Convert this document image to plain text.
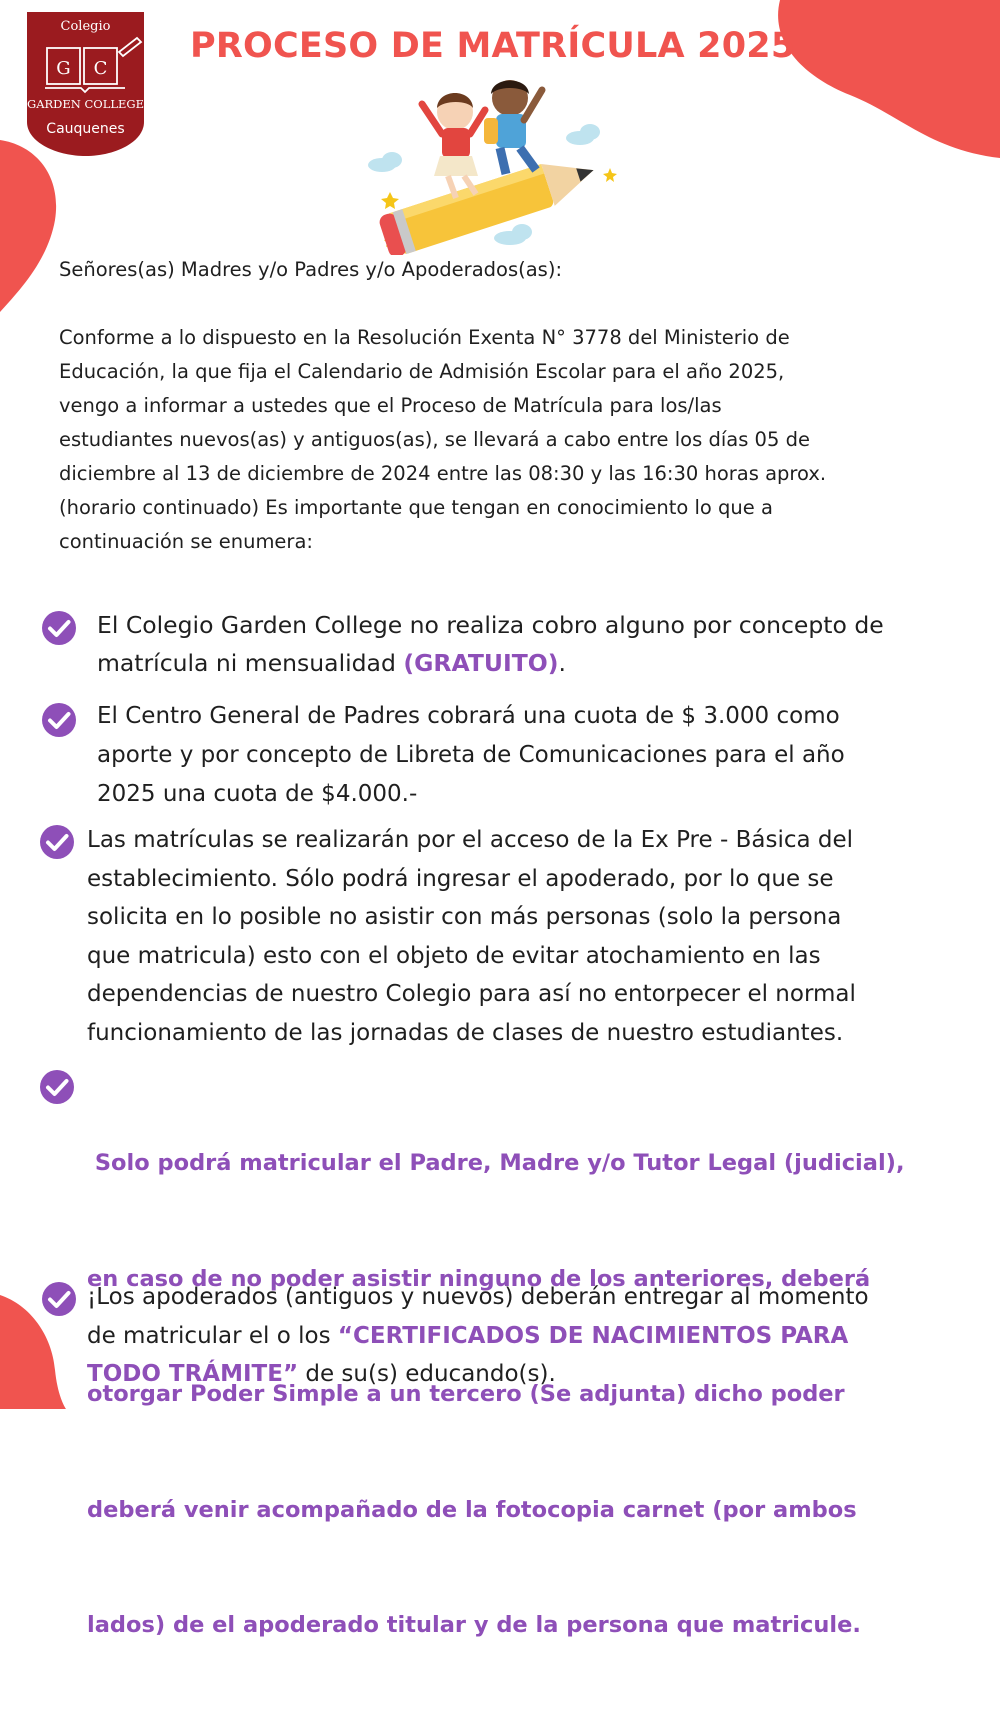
Colegio
G C
GARDEN COLLEGE
Cauquenes
PROCESO DE MATRÍCULA 2025
Señores(as) Madres y/o Padres y/o Apoderados(as):
Conforme a lo dispuesto en la Resolución Exenta N° 3778 del Ministerio de
Educación, la que fija el Calendario de Admisión Escolar para el año 2025,
vengo a informar a ustedes que el Proceso de Matrícula para los/las
estudiantes nuevos(as) y antiguos(as), se llevará a cabo entre los días 05 de
diciembre al 13 de diciembre de 2024 entre las 08:30 y las 16:30 horas aprox.
(horario continuado) Es importante que tengan en conocimiento lo que a
continuación se enumera:
El Colegio Garden College no realiza cobro alguno por concepto de
matrícula ni mensualidad (GRATUITO).
El Centro General de Padres cobrará una cuota de $ 3.000 como
aporte y por concepto de Libreta de Comunicaciones para el año
2025 una cuota de $4.000.-
Las matrículas se realizarán por el acceso de la Ex Pre - Básica del
establecimiento. Sólo podrá ingresar el apoderado, por lo que se
solicita en lo posible no asistir con más personas (solo la persona
que matricula) esto con el objeto de evitar atochamiento en las
dependencias de nuestro Colegio para así no entorpecer el normal
funcionamiento de las jornadas de clases de nuestro estudiantes.

Solo podrá matricular el Padre, Madre y/o Tutor Legal (judicial),

en caso de no poder asistir ninguno de los anteriores, deberá

otorgar Poder Simple a un tercero (Se adjunta) dicho poder

deberá venir acompañado de la fotocopia carnet (por ambos

lados) de el apoderado titular y de la persona que matricule.

¡Los apoderados (antiguos y nuevos) deberán entregar al momento
de matricular el o los “CERTIFICADOS DE NACIMIENTOS PARA
TODO TRÁMITE” de su(s) educando(s).
